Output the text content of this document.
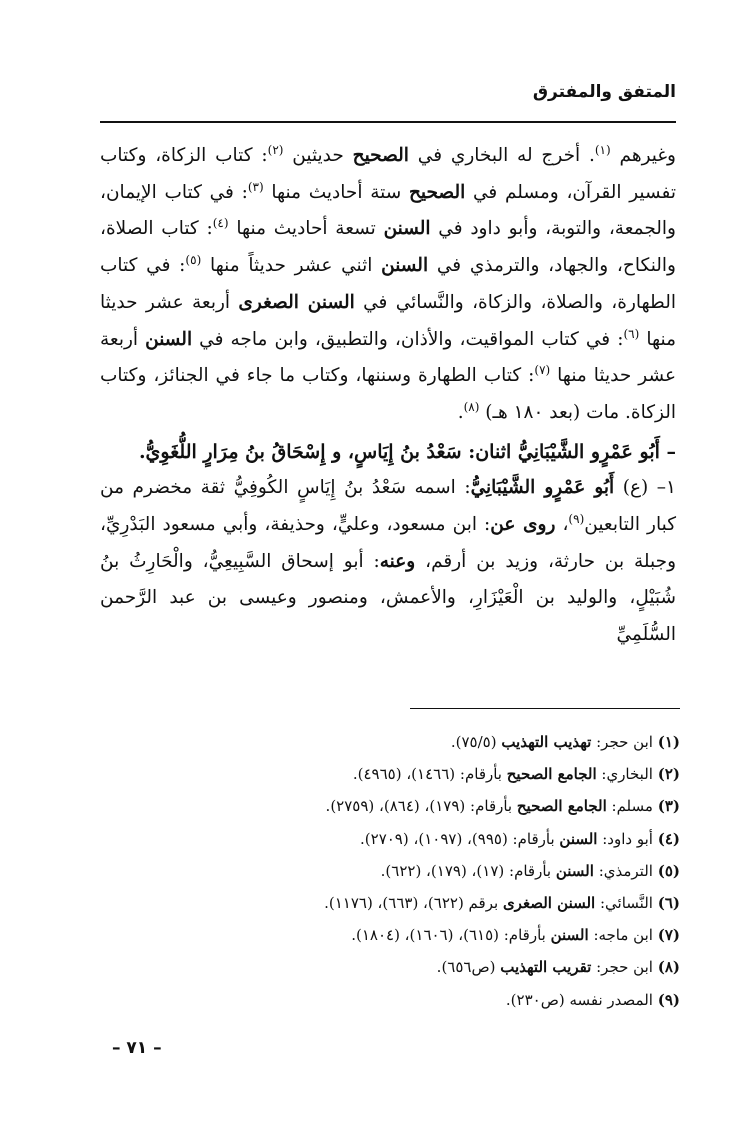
المتفق والمفترق

وغيرهم $^{(١)}$. أخرج له البخاري في الصحيح حديثين $^{(٢)}$: كتاب الزكاة، وكتاب تفسير القرآن، ومسلم في الصحيح ستة أحاديث منها $^{(٣)}$: في كتاب الإيمان، والجمعة، والتوبة، وأبو داود في السنن تسعة أحاديث منها $^{(٤)}$: كتاب الصلاة، والنكاح، والجهاد، والترمذي في السنن اثني عشر حديثاً منها $^{(٥)}$: في كتاب الطهارة، والصلاة، والزكاة، والنَّسائي في السنن الصغرى أربعة عشر حديثا منها $^{(٦)}$: في كتاب المواقيت، والأذان، والتطبيق، وابن ماجه في السنن أربعة عشر حديثا منها $^{(٧)}$: كتاب الطهارة وسننها، وكتاب ما جاء في الجنائز، وكتاب الزكاة. مات (بعد ١٨٠ هـ) $^{(٨)}$.

– أَبُو عَمْرٍو الشَّيْبَانِيُّ اثنان: سَعْدُ بنُ إِيَاسٍ، و إِسْحَاقُ بنُ مِرَارٍ اللُّغَوِيُّ.

١– (ع) أَبُو عَمْرٍو الشَّيْبَانِيُّ: اسمه سَعْدُ بنُ إِيَاسٍ الكُوفِيُّ ثقة مخضرم من كبار التابعين$^{(٩)}$، روى عن: ابن مسعود، وعليٍّ، وحذيفة، وأبي مسعود البَدْرِيِّ، وجبلة بن حارثة، وزيد بن أرقم، وعنه: أبو إسحاق السَّبِيعِيُّ، والْحَارِثُ بنُ شُبَيْلٍ، والوليد بن الْعَيْزَارِ، والأعمش، ومنصور وعيسى بن عبد الرَّحمن السُّلَمِيِّ

(١) ابن حجر: تهذيب التهذيب (٧٥/٥).
(٢) البخاري: الجامع الصحيح بأرقام: (١٤٦٦)، (٤٩٦٥).
(٣) مسلم: الجامع الصحيح بأرقام: (١٧٩)، (٨٦٤)، (٢٧٥٩).
(٤) أبو داود: السنن بأرقام: (٩٩٥)، (١٠٩٧)، (٢٧٠٩).
(٥) الترمذي: السنن بأرقام: (١٧)، (١٧٩)، (٦٢٢).
(٦) النَّسائي: السنن الصغرى برقم (٦٢٢)، (٦٦٣)، (١١٧٦).
(٧) ابن ماجه: السنن بأرقام: (٦١٥)، (١٦٠٦)، (١٨٠٤).
(٨) ابن حجر: تقريب التهذيب (ص٦٥٦).
(٩) المصدر نفسه (ص٢٣٠).
– ٧١ –
